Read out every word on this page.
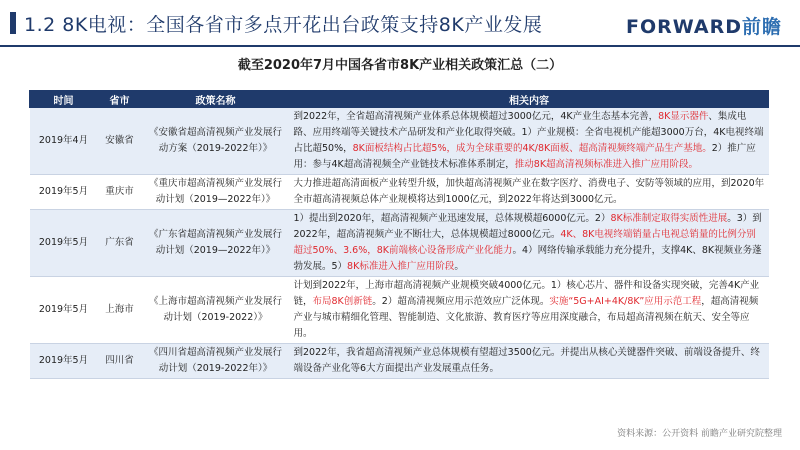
1.2 8K电视：全国各省市多点开花出台政策支持8K产业发展	FORWARD前瞻
截至2020年7月中国各省市8K产业相关政策汇总（二）
时间	省市	政策名称	相关内容
2019年4月	安徽省	《安徽省超高清视频产业发展行动方案（2019-2022年）》	到2022年，全省超高清视频产业体系总体规模超过3000亿元，4K产业生态基本完善，8K显示器件、集成电路、应用终端等关键技术产品研发和产业化取得突破。1）产业规模：全省电视机产能超3000万台，4K电视终端占比超50%，8K面板结构占比超5%，成为全球重要的4K/8K面板、超高清视频终端产品生产基地。2）推广应用：参与4K超高清视频全产业链技术标准体系制定，推动8K超高清视频标准进入推广应用阶段。
2019年5月	重庆市	《重庆市超高清视频产业发展行动计划（2019—2022年）》	大力推进超高清面板产业转型升级，加快超高清视频产业在数字医疗、消费电子、安防等领域的应用，到2020年全市超高清视频总体产业规模将达到1000亿元，到2022年将达到3000亿元。
2019年5月	广东省	《广东省超高清视频产业发展行动计划（2019—2022年）》	1）提出到2020年，超高清视频产业迅速发展，总体规模超6000亿元。2）8K标准制定取得实质性进展。3）到2022年，超高清视频产业不断壮大，总体规模超过8000亿元。4K、8K电视终端销量占电视总销量的比例分别超过50%、3.6%，8K前端核心设备形成产业化能力。4）网络传输承载能力充分提升，支撑4K、8K视频业务蓬勃发展。5）8K标准进入推广应用阶段。
2019年5月	上海市	《上海市超高清视频产业发展行动计划（2019-2022）》	计划到2022年，上海市超高清视频产业规模突破4000亿元。1）核心芯片、器件和设备实现突破，完善4K产业链，布局8K创新链。2）超高清视频应用示范效应广泛体现。实施“5G+AI+4K/8K”应用示范工程，超高清视频产业与城市精细化管理、智能制造、文化旅游、教育医疗等应用深度融合，布局超高清视频在航天、安全等应用。
2019年5月	四川省	《四川省超高清视频产业发展行动计划（2019-2022年）》	到2022年，我省超高清视频产业总体规模有望超过3500亿元。并提出从核心关键器件突破、前端设备提升、终端设备产业化等6大方面提出产业发展重点任务。
资料来源：公开资料 前瞻产业研究院整理
